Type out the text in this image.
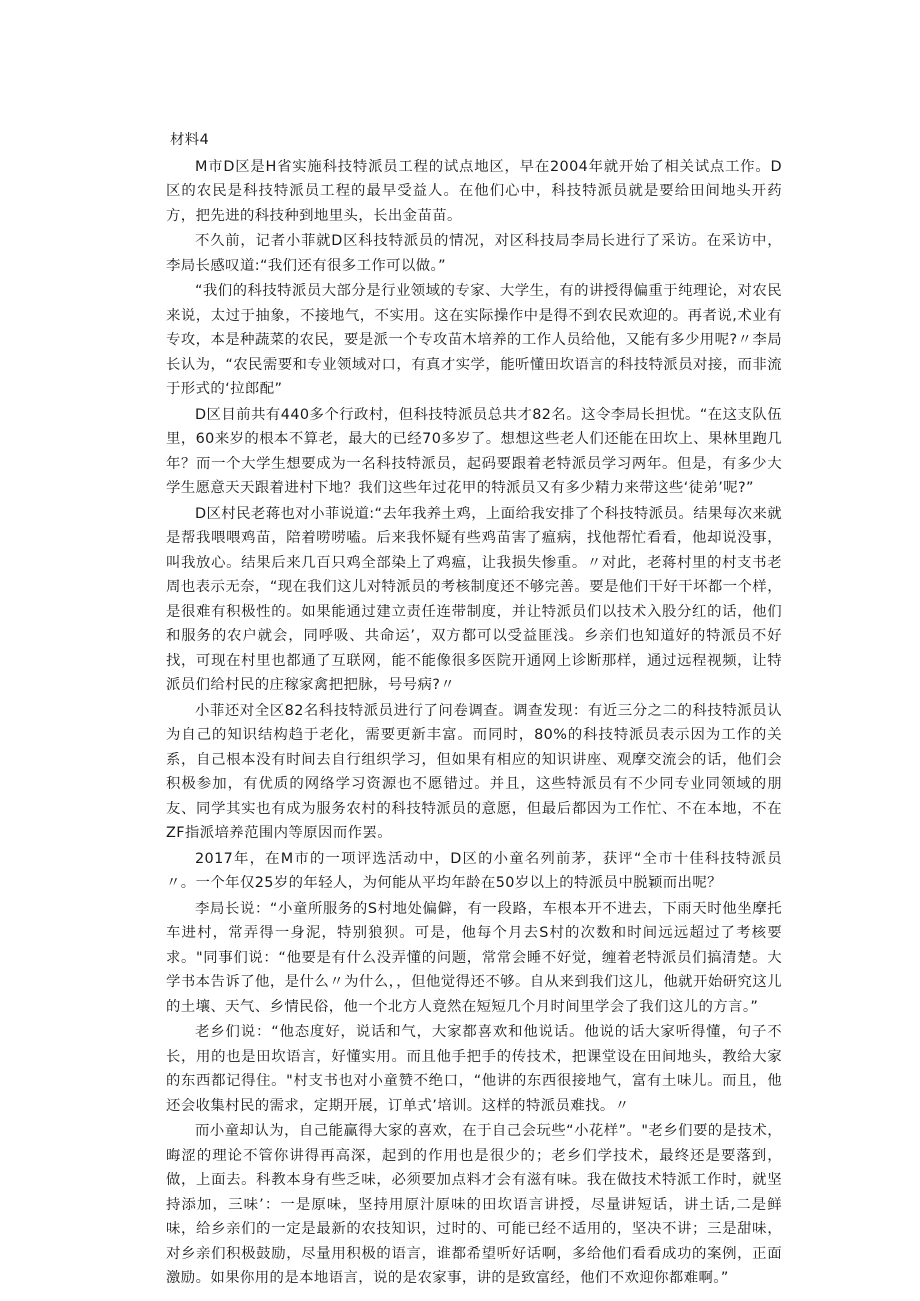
材料4

M市D区是H省实施科技特派员工程的试点地区，早在2004年就开始了相关试点工作。D区的农民是科技特派员工程的最早受益人。在他们心中，科技特派员就是要给田间地头开药方，把先进的科技种到地里头，长出金苗苗。

不久前，记者小菲就D区科技特派员的情况，对区科技局李局长进行了采访。在采访中，李局长感叹道:“我们还有很多工作可以做。”

“我们的科技特派员大部分是行业领域的专家、大学生，有的讲授得偏重于纯理论，对农民来说，太过于抽象，不接地气，不实用。这在实际操作中是得不到农民欢迎的。再者说,术业有专攻，本是种蔬菜的农民，要是派一个专攻苗木培养的工作人员给他，又能有多少用呢?〃李局长认为，“农民需要和专业领域对口，有真才实学，能听懂田坎语言的科技特派员对接，而非流于形式的‘拉郎配”

D区目前共有440多个行政村，但科技特派员总共才82名。这令李局长担忧。“在这支队伍里，60来岁的根本不算老，最大的已经70多岁了。想想这些老人们还能在田坎上、果林里跑几年？而一个大学生想要成为一名科技特派员，起码要跟着老特派员学习两年。但是，有多少大学生愿意天天跟着进村下地？我们这些年过花甲的特派员又有多少精力来带这些‘徒弟’呢?”

D区村民老蒋也对小菲说道:“去年我养土鸡，上面给我安排了个科技特派员。结果每次来就是帮我喂喂鸡苗，陪着唠唠嗑。后来我怀疑有些鸡苗害了瘟病，找他帮忙看看，他却说没事，叫我放心。结果后来几百只鸡全部染上了鸡瘟，让我损失惨重。〃对此，老蒋村里的村支书老周也表示无奈，“现在我们这儿对特派员的考核制度还不够完善。要是他们干好干坏都一个样，是很难有积极性的。如果能通过建立责任连带制度，并让特派员们以技术入股分红的话，他们和服务的农户就会，同呼吸、共命运’，双方都可以受益匪浅。乡亲们也知道好的特派员不好找，可现在村里也都通了互联网，能不能像很多医院开通网上诊断那样，通过远程视频，让特派员们给村民的庄稼家禽把把脉，号号病?〃

小菲还对全区82名科技特派员进行了问卷调查。调查发现：有近三分之二的科技特派员认为自己的知识结构趋于老化，需要更新丰富。而同时，80%的科技特派员表示因为工作的关系，自己根本没有时间去自行组织学习，但如果有相应的知识讲座、观摩交流会的话，他们会积极参加，有优质的网络学习资源也不愿错过。并且，这些特派员有不少同专业同领域的朋友、同学其实也有成为服务农村的科技特派员的意愿，但最后都因为工作忙、不在本地，不在ZF指派培养范围内等原因而作罢。

2017年，在M市的一项评选活动中，D区的小童名列前茅，获评“全市十佳科技特派员〃。一个年仅25岁的年轻人，为何能从平均年龄在50岁以上的特派员中脱颖而出呢？

李局长说：“小童所服务的S村地处偏僻，有一段路，车根本开不进去，下雨天时他坐摩托车进村，常弄得一身泥，特别狼狈。可是，他每个月去S村的次数和时间远远超过了考核要求。"同事们说：“他要是有什么没弄懂的问题，常常会睡不好觉，缠着老特派员们搞清楚。大学书本告诉了他，是什么〃为什么，，但他觉得还不够。自从来到我们这儿，他就开始研究这儿的土壤、天气、乡情民俗，他一个北方人竟然在短短几个月时间里学会了我们这儿的方言。”

老乡们说：“他态度好，说话和气，大家都喜欢和他说话。他说的话大家听得懂，句子不长，用的也是田坎语言，好懂实用。而且他手把手的传技术，把课堂设在田间地头，教给大家的东西都记得住。"村支书也对小童赞不绝口，“他讲的东西很接地气，富有土味儿。而且，他还会收集村民的需求，定期开展，订单式’培训。这样的特派员难找。〃

而小童却认为，自己能赢得大家的喜欢，在于自己会玩些“小花样”。"老乡们要的是技术，晦涩的理论不管你讲得再高深，起到的作用也是很少的；老乡们学技术，最终还是要落到，做，上面去。科教本身有些乏味，必须要加点料才会有滋有味。我在做技术特派工作时，就坚持添加，三味’：一是原味，坚持用原汁原味的田坎语言讲授，尽量讲短话，讲土话,二是鲜味，给乡亲们的一定是最新的农技知识，过时的、可能已经不适用的，坚决不讲；三是甜味，对乡亲们积极鼓励，尽量用积极的语言，谁都希望听好话啊，多给他们看看成功的案例，正面激励。如果你用的是本地语言，说的是农家事，讲的是致富经，他们不欢迎你都难啊。”
